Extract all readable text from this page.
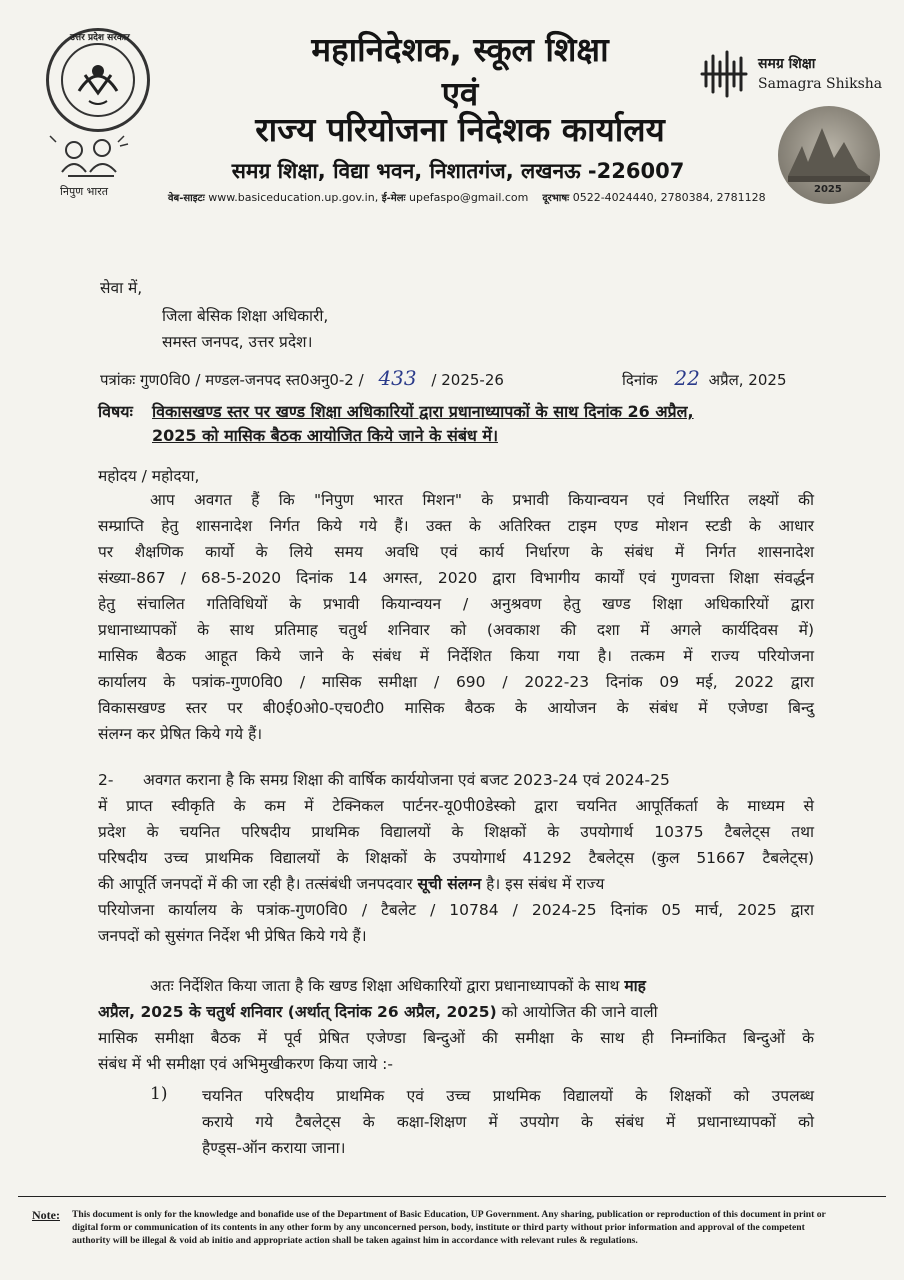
उत्तर प्रदेश सरकार
निपुण भारत
महानिदेशक, स्कूल शिक्षा
एवं
राज्य परियोजना निदेशक कार्यालय
समग्र शिक्षा, विद्या भवन, निशातगंज, लखनऊ -226007
वेब-साइटः www.basiceducation.up.gov.in, ई-मेलः upefaspo@gmail.com दूरभाषः 0522-4024440, 2780384, 2781128
समग्र शिक्षा
Samagra Shiksha
2025
सेवा में,
जिला बेसिक शिक्षा अधिकारी,
समस्त जनपद, उत्तर प्रदेश।
पत्रांकः गुण0वि0 / मण्डल-जनपद स्त0अनु0-2 / 433 / 2025-26	दिनांक 22 अप्रैल, 2025
विषयः विकासखण्ड स्तर पर खण्ड शिक्षा अधिकारियों द्वारा प्रधानाध्यापकों के साथ दिनांक 26 अप्रैल,
2025 को मासिक बैठक आयोजित किये जाने के संबंध में।
महोदय / महोदया,
आप अवगत हैं कि "निपुण भारत मिशन" के प्रभावी कियान्वयन एवं निर्धारित लक्ष्यों की
सम्प्राप्ति हेतु शासनादेश निर्गत किये गये हैं। उक्त के अतिरिक्त टाइम एण्ड मोशन स्टडी के आधार
पर शैक्षणिक कार्यो के लिये समय अवधि एवं कार्य निर्धारण के संबंध में निर्गत शासनादेश
संख्या-867 / 68-5-2020 दिनांक 14 अगस्त, 2020 द्वारा विभागीय कार्यों एवं गुणवत्ता शिक्षा संवर्द्धन
हेतु संचालित गतिविधियों के प्रभावी कियान्वयन / अनुश्रवण हेतु खण्ड शिक्षा अधिकारियों द्वारा
प्रधानाध्यापकों के साथ प्रतिमाह चतुर्थ शनिवार को (अवकाश की दशा में अगले कार्यदिवस में)
मासिक बैठक आहूत किये जाने के संबंध में निर्देशित किया गया है। तत्कम में राज्य परियोजना
कार्यालय के पत्रांक-गुण0वि0 / मासिक समीक्षा / 690 / 2022-23 दिनांक 09 मई, 2022 द्वारा
विकासखण्ड स्तर पर बी0ई0ओ0-एच0टी0 मासिक बैठक के आयोजन के संबंध में एजेण्डा बिन्दु
संलग्न कर प्रेषित किये गये हैं।
2-      अवगत कराना है कि समग्र शिक्षा की वार्षिक कार्ययोजना एवं बजट 2023-24 एवं 2024-25
में प्राप्त स्वीकृति के कम में टेक्निकल पार्टनर-यू0पी0डेस्को द्वारा चयनित आपूर्तिकर्ता के माध्यम से
प्रदेश के चयनित परिषदीय प्राथमिक विद्यालयों के शिक्षकों के उपयोगार्थ 10375 टैबलेट्स तथा
परिषदीय उच्च प्राथमिक विद्यालयों के शिक्षकों के उपयोगार्थ 41292 टैबलेट्स (कुल 51667 टैबलेट्स)
की आपूर्ति जनपदों में की जा रही है। तत्संबंधी जनपदवार सूची संलग्न है। इस संबंध में राज्य
परियोजना कार्यालय के पत्रांक-गुण0वि0 / टैबलेट / 10784 / 2024-25 दिनांक 05 मार्च, 2025 द्वारा
जनपदों को सुसंगत निर्देश भी प्रेषित किये गये हैं।
अतः निर्देशित किया जाता है कि खण्ड शिक्षा अधिकारियों द्वारा प्रधानाध्यापकों के साथ माह
अप्रैल, 2025 के चतुर्थ शनिवार (अर्थात् दिनांक 26 अप्रैल, 2025) को आयोजित की जाने वाली
मासिक समीक्षा बैठक में पूर्व प्रेषित एजेण्डा बिन्दुओं की समीक्षा के साथ ही निम्नांकित बिन्दुओं के
संबंध में भी समीक्षा एवं अभिमुखीकरण किया जाये :-
1) चयनित परिषदीय प्राथमिक एवं उच्च प्राथमिक विद्यालयों के शिक्षकों को उपलब्ध
कराये गये टैबलेट्स के कक्षा-शिक्षण में उपयोग के संबंध में प्रधानाध्यापकों को
हैण्ड्स-ऑन कराया जाना।
Note: This document is only for the knowledge and bonafide use of the Department of Basic Education, UP Government. Any sharing, publication or reproduction of this document in print or
digital form or communication of its contents in any other form by any unconcerned person, body, institute or third party without prior information and approval of the competent
authority will be illegal & void ab initio and appropriate action shall be taken against him in accordance with relevant rules & regulations.
